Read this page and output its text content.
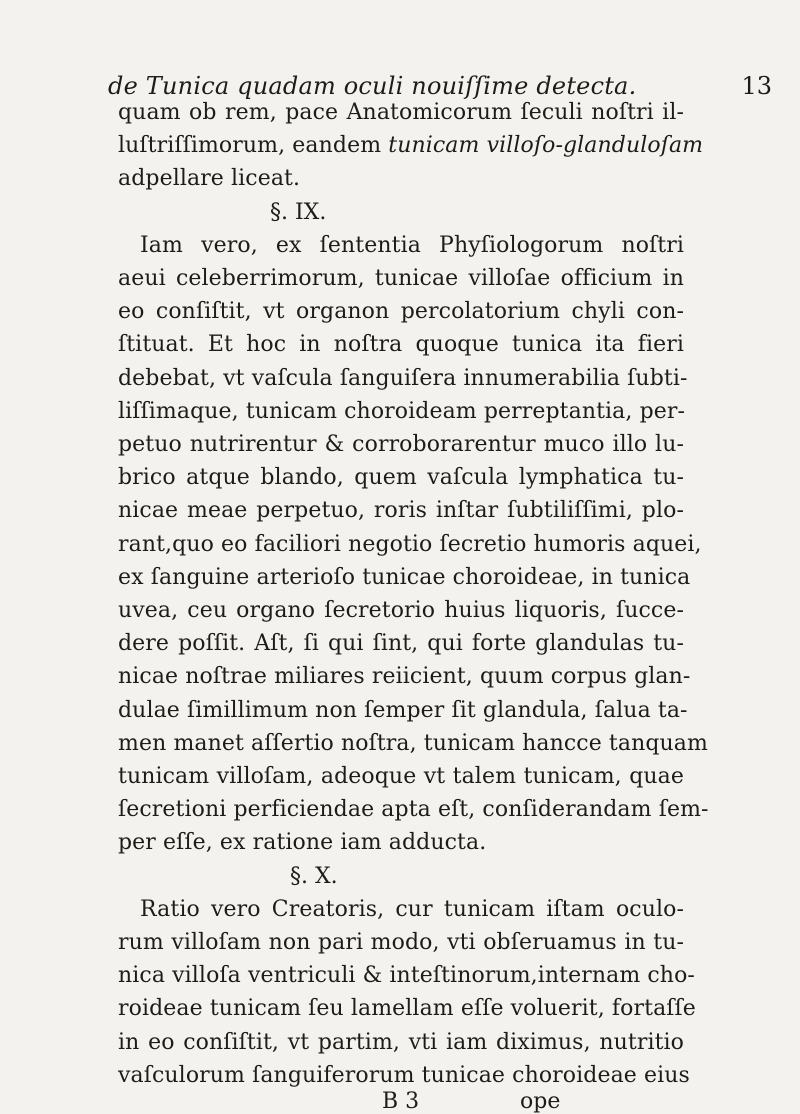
de Tunica quadam oculi nouiſſime detecta.	13
quam ob rem, pace Anatomicorum ſeculi noſtri il-
luſtriſſimorum, eandem tunicam villoſo-glanduloſam
adpellare liceat.
§. IX.
Iam vero, ex ſententia Phyſiologorum noſtri
aeui celeberrimorum, tunicae villoſae officium in
eo conſiſtit, vt organon percolatorium chyli con-
ſtituat. Et hoc in noſtra quoque tunica ita fieri
debebat, vt vaſcula ſanguiſera innumerabilia ſubti-
liſſimaque, tunicam choroideam perreptantia, per-
petuo nutrirentur & corroborarentur muco illo lu-
brico atque blando, quem vaſcula lymphatica tu-
nicae meae perpetuo, roris inſtar ſubtiliſſimi, plo-
rant,quo eo faciliori negotio ſecretio humoris aquei,
ex ſanguine arterioſo tunicae choroideae, in tunica
uvea, ceu organo ſecretorio huius liquoris, ſucce-
dere poſſit. Aſt, ſi qui ſint, qui forte glandulas tu-
nicae noſtrae miliares reiicient, quum corpus glan-
dulae ſimillimum non ſemper ſit glandula, ſalua ta-
men manet aſſertio noſtra, tunicam hancce tanquam
tunicam villoſam, adeoque vt talem tunicam, quae
ſecretioni perficiendae apta eſt, conſiderandam ſem-
per eſſe, ex ratione iam adducta.
§. X.
Ratio vero Creatoris, cur tunicam iſtam oculo-
rum villoſam non pari modo, vti obſeruamus in tu-
nica villoſa ventriculi & inteſtinorum,internam cho-
roideae tunicam ſeu lamellam eſſe voluerit, fortaſſe
in eo conſiſtit, vt partim, vti iam diximus, nutritio
vaſculorum ſanguiferorum tunicae choroideae eius
B 3	ope
